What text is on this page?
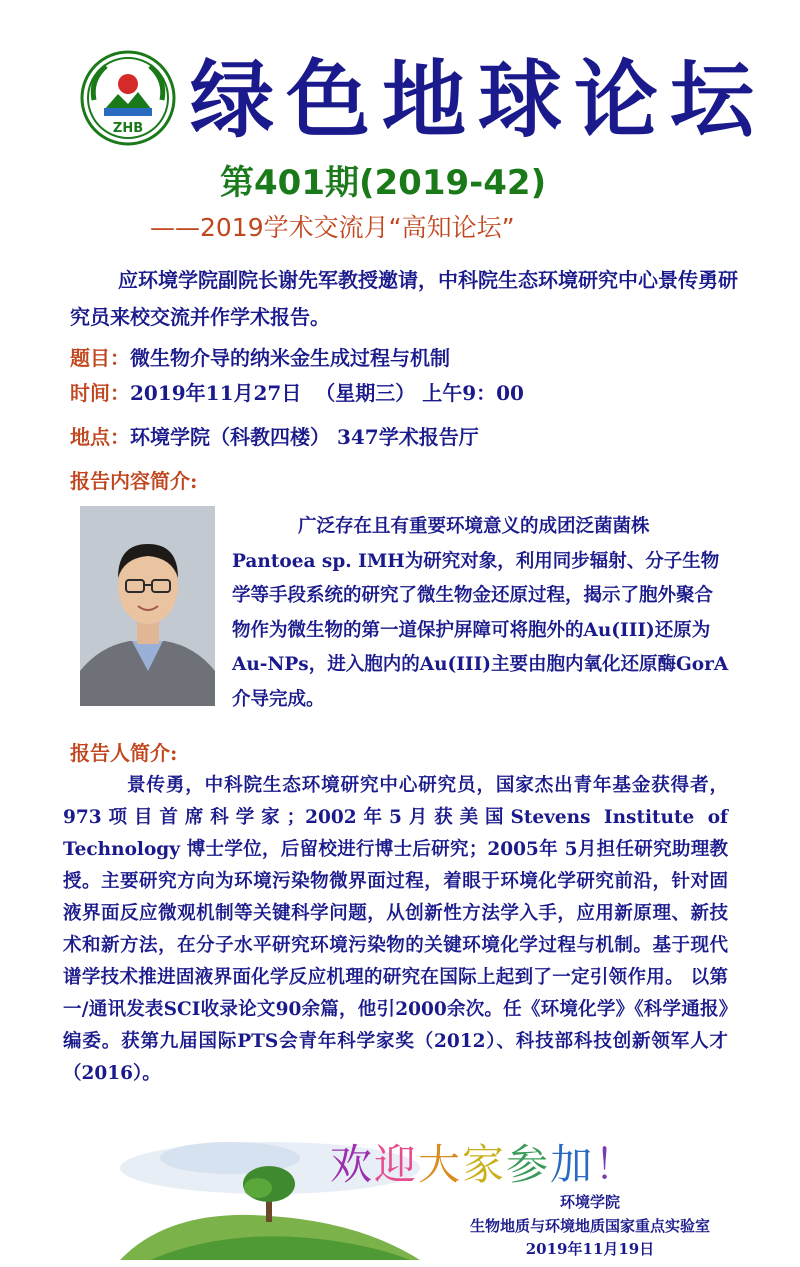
ZHB 绿色地球论坛
第401期(2019-42)
——2019学术交流月“高知论坛”
应环境学院副院长谢先军教授邀请，中科院生态环境研究中心景传勇研究员来校交流并作学术报告。
题目：微生物介导的纳米金生成过程与机制
时间：2019年11月27日  （星期三） 上午9：00
地点：环境学院（科教四楼） 347学术报告厅
报告内容简介:
广泛存在且有重要环境意义的成团泛菌菌株Pantoea sp. IMH为研究对象，利用同步辐射、分子生物学等手段系统的研究了微生物金还原过程，揭示了胞外聚合物作为微生物的第一道保护屏障可将胞外的Au(III)还原为Au-NPs，进入胞内的Au(III)主要由胞内氧化还原酶GorA 介导完成。
报告人简介:
景传勇，中科院生态环境研究中心研究员，国家杰出青年基金获得者，973项目首席科学家；2002年5月获美国Stevens Institute of Technology 博士学位，后留校进行博士后研究；2005年 5月担任研究助理教授。主要研究方向为环境污染物微界面过程，着眼于环境化学研究前沿，针对固液界面反应微观机制等关键科学问题，从创新性方法学入手，应用新原理、新技术和新方法，在分子水平研究环境污染物的关键环境化学过程与机制。基于现代谱学技术推进固液界面化学反应机理的研究在国际上起到了一定引领作用。 以第一/通讯发表SCI收录论文90余篇，他引2000余次。任《环境化学》《科学通报》编委。获第九届国际PTS会青年科学家奖（2012）、科技部科技创新领军人才（2016）。
欢迎大家参加！
环境学院
生物地质与环境地质国家重点实验室
2019年11月19日
